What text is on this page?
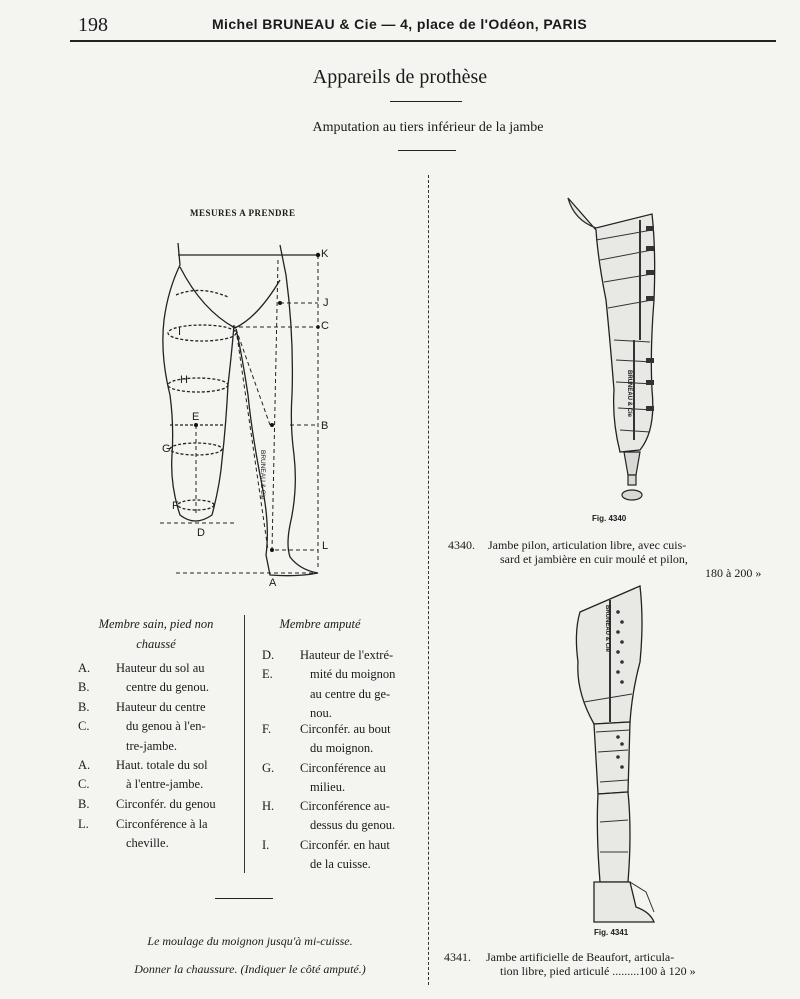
198	Michel BRUNEAU & Cie — 4, place de l'Odéon, PARIS
Appareils de prothèse
Amputation au tiers inférieur de la jambe
MESURES A PRENDRE
K
J
C
I
H
E
B
G
F
D
L
A
BRUNEAU & Cie
Membre sain, pied non chaussé
Membre amputé
A. B.
Hauteur du sol au
centre du genou.
B. C.
Hauteur du centre
du genou à l'en-
tre-jambe.
A. C.
Haut. totale du sol
à l'entre-jambe.
B. Circonfér. du genou
L. Circonférence à la
cheville.
D. E.
Hauteur de l'extré-
mité du moignon
au centre du ge-
nou.
F. Circonfér. au bout
du moignon.
G. Circonférence au
milieu.
H. Circonférence au-
dessus du genou.
I. Circonfér. en haut
de la cuisse.
Le moulage du moignon jusqu'à mi-cuisse.
Donner la chaussure. (Indiquer le côté amputé.)
BRUNEAU & Cie
Fig. 4340
4340. Jambe pilon, articulation libre, avec cuis-
sard et jambière en cuir moulé et pilon,
180 à 200 »
BRUNEAU & Cie
Fig. 4341
4341. Jambe artificielle de Beaufort, articula-
tion libre, pied articulé .........100 à 120 »
